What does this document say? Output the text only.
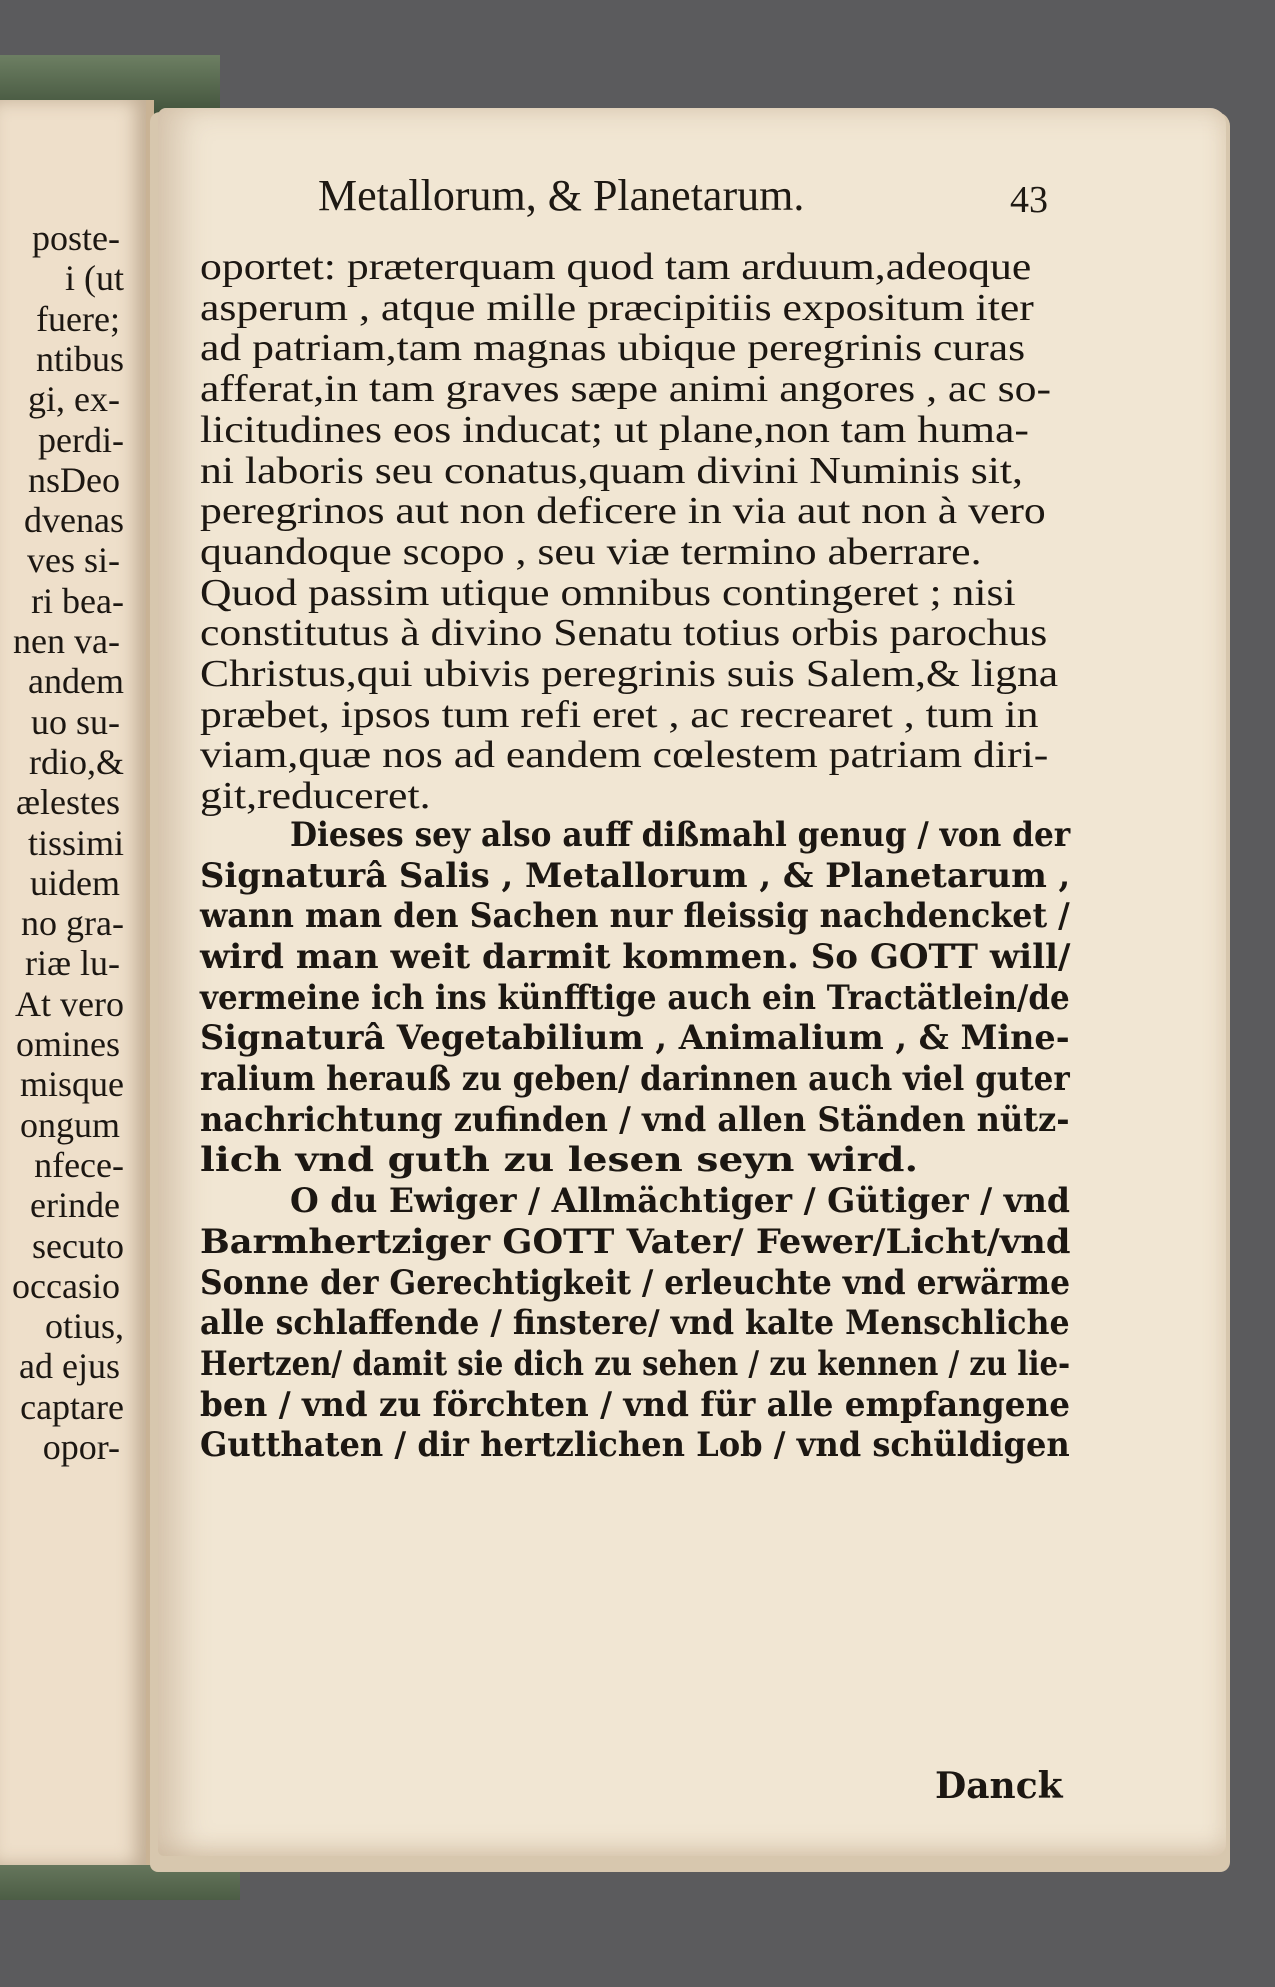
poste-
i (ut
fuere;
ntibus
gi, ex-
perdi-
nsDeo
dvenas
ves si-
ri bea-
nen va-
andem
uo su-
rdio,&
ælestes
tissimi
uidem
no gra-
riæ lu-
At vero
omines
misque
ongum
nfece-
erinde
secuto
occasio
otius,
ad ejus
captare
opor-
Metallorum, & Planetarum.	43
oportet: præterquam quod tam arduum,adeoque
asperum , atque mille præcipitiis expositum iter
ad patriam,tam magnas ubique peregrinis curas
afferat,in tam graves sæpe animi angores , ac so-
licitudines eos inducat; ut plane,non tam huma-
ni laboris seu conatus,quam divini Numinis sit,
peregrinos aut non deficere in via aut non à vero
quandoque scopo , seu viæ termino aberrare.
Quod passim utique omnibus contingeret ; nisi
constitutus à divino Senatu totius orbis parochus
Christus,qui ubivis peregrinis suis Salem,& ligna
præbet, ipsos tum refi eret , ac recrearet , tum in
viam,quæ nos ad eandem cœlestem patriam diri-
git,reduceret.
Dieses sey also auff dißmahl genug / von der
Signaturâ Salis , Metallorum , & Planetarum ,
wann man den Sachen nur fleissig nachdencket /
wird man weit darmit kommen. So GOTT will/
vermeine ich ins künfftige auch ein Tractätlein/de
Signaturâ Vegetabilium , Animalium , & Mine-
ralium herauß zu geben/ darinnen auch viel guter
nachrichtung zufinden / vnd allen Ständen nütz-
lich vnd guth zu lesen seyn wird.
O du Ewiger / Allmächtiger / Gütiger / vnd
Barmhertziger GOTT Vater/ Fewer/Licht/vnd
Sonne der Gerechtigkeit / erleuchte vnd erwärme
alle schlaffende / finstere/ vnd kalte Menschliche
Hertzen/ damit sie dich zu sehen / zu kennen / zu lie-
ben / vnd zu förchten / vnd für alle empfangene
Gutthaten / dir hertzlichen Lob / vnd schüldigen
Danck
